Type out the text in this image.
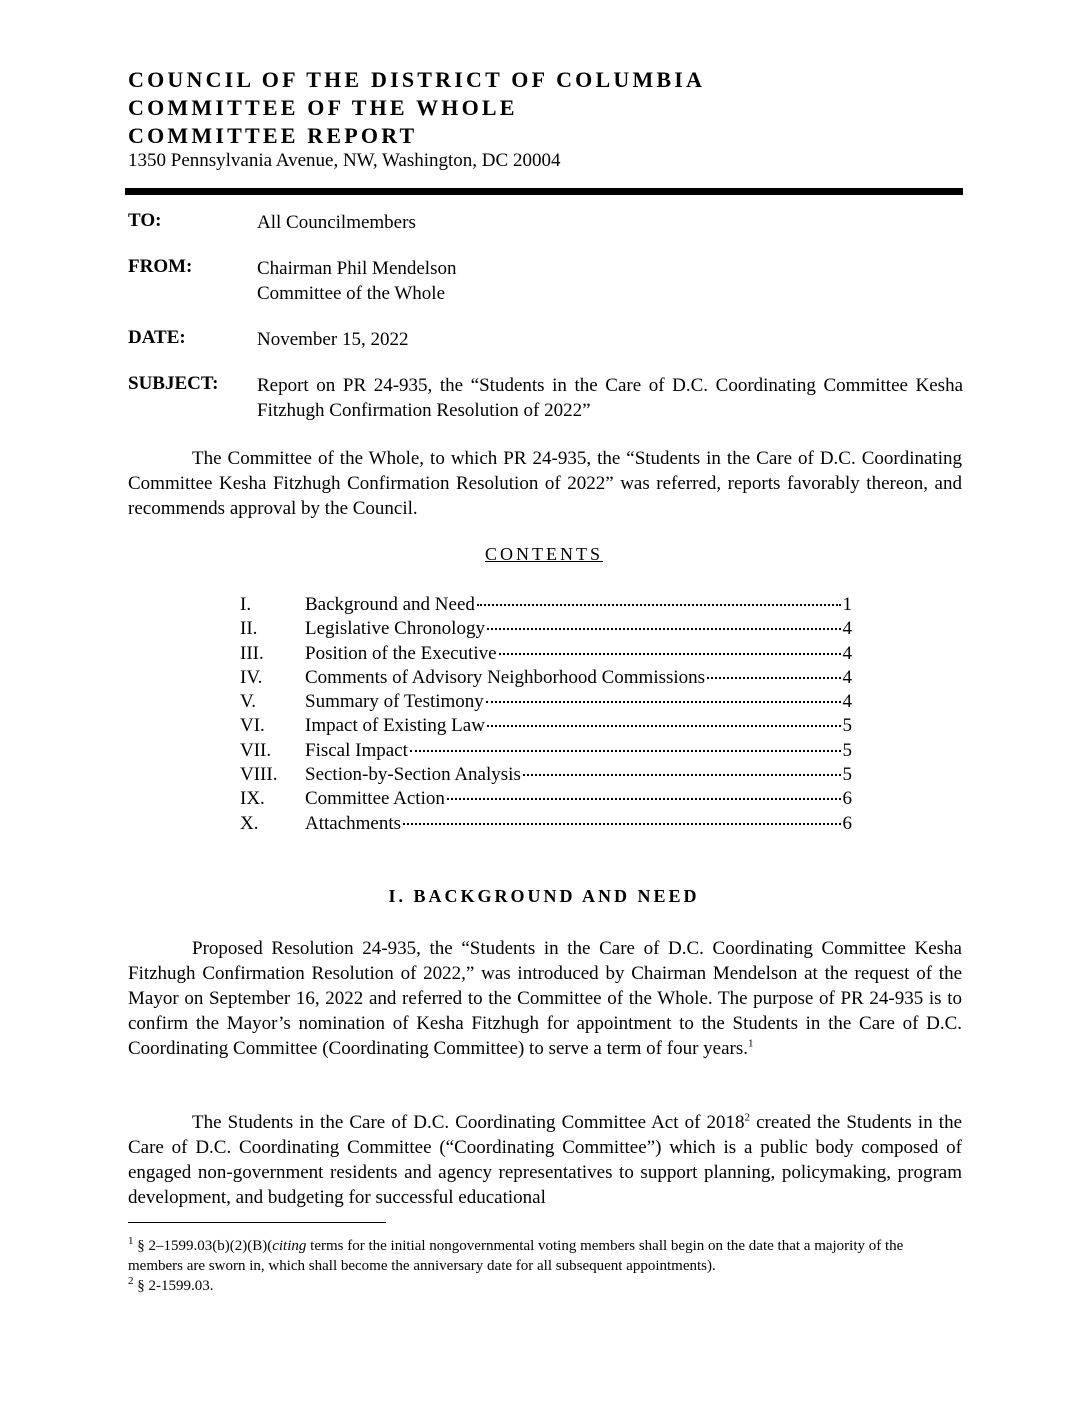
COUNCIL OF THE DISTRICT OF COLUMBIA
COMMITTEE OF THE WHOLE
COMMITTEE REPORT
1350 Pennsylvania Avenue, NW, Washington, DC 20004
TO:	All Councilmembers
FROM:	Chairman Phil Mendelson
Committee of the Whole
DATE:	November 15, 2022
SUBJECT: Report on PR 24-935, the “Students in the Care of D.C. Coordinating Committee Kesha Fitzhugh Confirmation Resolution of 2022”
The Committee of the Whole, to which PR 24-935, the “Students in the Care of D.C. Coordinating Committee Kesha Fitzhugh Confirmation Resolution of 2022” was referred, reports favorably thereon, and recommends approval by the Council.
CONTENTS
I.	Background and Need	1
II.	Legislative Chronology	4
III.	Position of the Executive	4
IV.	Comments of Advisory Neighborhood Commissions	4
V.	Summary of Testimony	4
VI.	Impact of Existing Law	5
VII.	Fiscal Impact	5
VIII.	Section-by-Section Analysis	5
IX.	Committee Action	6
X.	Attachments	6
I. BACKGROUND AND NEED
Proposed Resolution 24-935, the “Students in the Care of D.C. Coordinating Committee Kesha Fitzhugh Confirmation Resolution of 2022,” was introduced by Chairman Mendelson at the request of the Mayor on September 16, 2022 and referred to the Committee of the Whole. The purpose of PR 24-935 is to confirm the Mayor’s nomination of Kesha Fitzhugh for appointment to the Students in the Care of D.C. Coordinating Committee (Coordinating Committee) to serve a term of four years.$^1$
The Students in the Care of D.C. Coordinating Committee Act of 2018$^2$ created the Students in the Care of D.C. Coordinating Committee (“Coordinating Committee”) which is a public body composed of engaged non-government residents and agency representatives to support planning, policymaking, program development, and budgeting for successful educational
$^1$ § 2–1599.03(b)(2)(B)(citing terms for the initial nongovernmental voting members shall begin on the date that a majority of the members are sworn in, which shall become the anniversary date for all subsequent appointments).
$^2$ § 2-1599.03.
